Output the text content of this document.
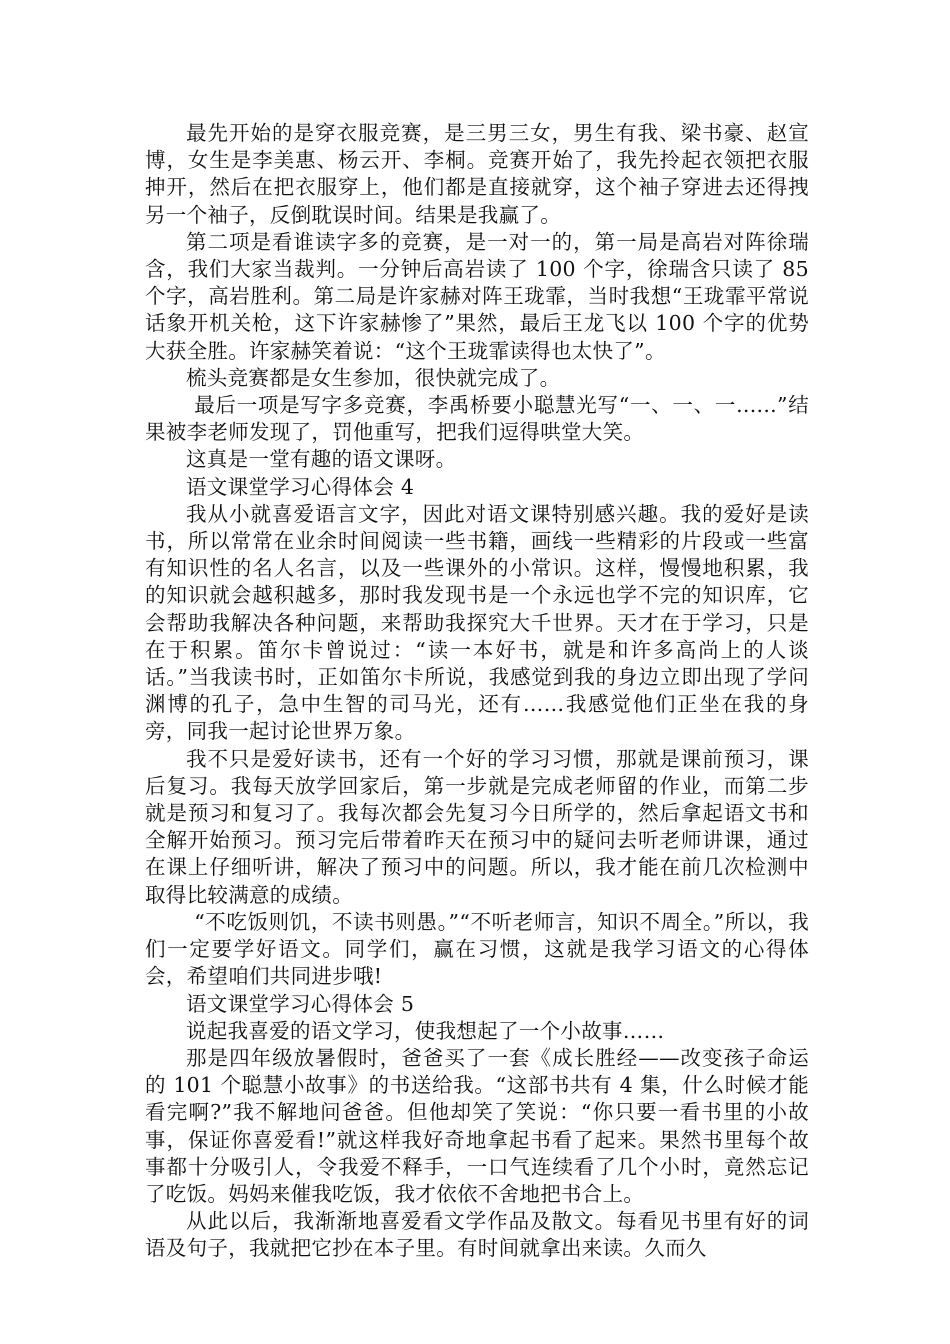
最先开始的是穿衣服竞赛，是三男三女，男生有我、梁书豪、赵宣博，女生是李美惠、杨云开、李桐。竞赛开始了，我先拎起衣领把衣服抻开，然后在把衣服穿上，他们都是直接就穿，这个袖子穿进去还得拽另一个袖子，反倒耽误时间。结果是我赢了。

第二项是看谁读字多的竞赛，是一对一的，第一局是高岩对阵徐瑞含，我们大家当裁判。一分钟后高岩读了 100 个字，徐瑞含只读了 85 个字，高岩胜利。第二局是许家赫对阵王珑霏，当时我想“王珑霏平常说话象开机关枪，这下许家赫惨了”果然，最后王龙飞以 100 个字的优势大获全胜。许家赫笑着说：“这个王珑霏读得也太快了”。

梳头竞赛都是女生参加，很快就完成了。

最后一项是写字多竞赛，李禹桥要小聪慧光写“一、一、一......”结果被李老师发现了，罚他重写，把我们逗得哄堂大笑。

这真是一堂有趣的语文课呀。

语文课堂学习心得体会 4

我从小就喜爱语言文字，因此对语文课特别感兴趣。我的爱好是读书，所以常常在业余时间阅读一些书籍，画线一些精彩的片段或一些富有知识性的名人名言，以及一些课外的小常识。这样，慢慢地积累，我的知识就会越积越多，那时我发现书是一个永远也学不完的知识库，它会帮助我解决各种问题，来帮助我探究大千世界。天才在于学习，只是在于积累。笛尔卡曾说过：“读一本好书，就是和许多高尚上的人谈话。”当我读书时，正如笛尔卡所说，我感觉到我的身边立即出现了学问渊博的孔子，急中生智的司马光，还有……我感觉他们正坐在我的身旁，同我一起讨论世界万象。

我不只是爱好读书，还有一个好的学习习惯，那就是课前预习，课后复习。我每天放学回家后，第一步就是完成老师留的作业，而第二步就是预习和复习了。我每次都会先复习今日所学的，然后拿起语文书和全解开始预习。预习完后带着昨天在预习中的疑问去听老师讲课，通过在课上仔细听讲，解决了预习中的问题。所以，我才能在前几次检测中取得比较满意的成绩。

“不吃饭则饥，不读书则愚。”“不听老师言，知识不周全。”所以，我们一定要学好语文。同学们，赢在习惯，这就是我学习语文的心得体会，希望咱们共同进步哦!

语文课堂学习心得体会 5

说起我喜爱的语文学习，使我想起了一个小故事……

那是四年级放暑假时，爸爸买了一套《成长胜经——改变孩子命运的 101 个聪慧小故事》的书送给我。“这部书共有 4 集，什么时候才能看完啊?”我不解地问爸爸。但他却笑了笑说：“你只要一看书里的小故事，保证你喜爱看!”就这样我好奇地拿起书看了起来。果然书里每个故事都十分吸引人，令我爱不释手，一口气连续看了几个小时，竟然忘记了吃饭。妈妈来催我吃饭，我才依依不舍地把书合上。

从此以后，我渐渐地喜爱看文学作品及散文。每看见书里有好的词语及句子，我就把它抄在本子里。有时间就拿出来读。久而久
